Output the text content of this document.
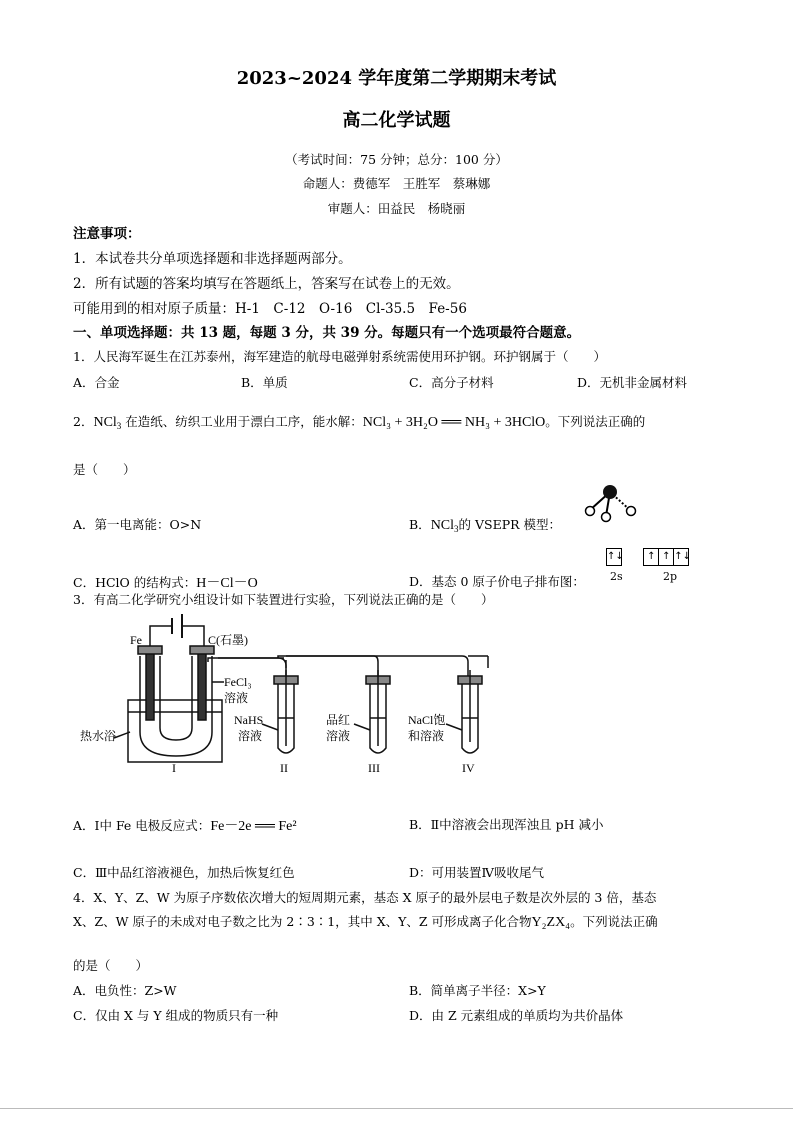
2023~2024 学年度第二学期期末考试
高二化学试题
（考试时间：75 分钟；总分：100 分）
命题人：费德军　王胜军　蔡琳娜
审题人：田益民　杨晓丽
注意事项：
1．本试卷共分单项选择题和非选择题两部分。
2．所有试题的答案均填写在答题纸上，答案写在试卷上的无效。
可能用到的相对原子质量：H-1　C-12　O-16　Cl-35.5　Fe-56
一、单项选择题：共 13 题，每题 3 分，共 39 分。每题只有一个选项最符合题意。
1．人民海军诞生在江苏泰州，海军建造的航母电磁弹射系统需使用环护钢。环护钢属于（　　）
A．合金	B．单质	C．高分子材料	D．无机非金属材料
2．NCl$_3$ 在造纸、纺织工业用于漂白工序，能水解：NCl₃ + 3H₂O ══ NH₃ + 3HClO。下列说法正确的
是（　　）
A．第一电离能：O>N	B．NCl$_3$的 VSEPR 模型：
C．HClO 的结构式：H－Cl－O	D．基态 0 原子价电子排布图：
↑↓ ↑ ↑ ↑↓
2s	2p
3．有高二化学研究小组设计如下装置进行实验，下列说法正确的是（　　）
Fe	C(石墨)
FeCl₃
溶液
热水浴
NaHS
溶液
品红
溶液
NaCl饱
和溶液
I	II	III	IV
A．Ⅰ中 Fe 电极反应式：Fe－2e ══ Fe²	B．Ⅱ中溶液会出现浑浊且 pH 减小
C．Ⅲ中品红溶液褪色，加热后恢复红色	D：可用装置Ⅳ吸收尾气
4．X、Y、Z、W 为原子序数依次增大的短周期元素，基态 X 原子的最外层电子数是次外层的 3 倍，基态
X、Z、W 原子的未成对电子数之比为 2∶3∶1，其中 X、Y、Z 可形成离子化合物Y₂ZX₄。下列说法正确
的是（　　）
A．电负性：Z>W	B．简单离子半径：X>Y
C．仅由 X 与 Y 组成的物质只有一种	D．由 Z 元素组成的单质均为共价晶体
